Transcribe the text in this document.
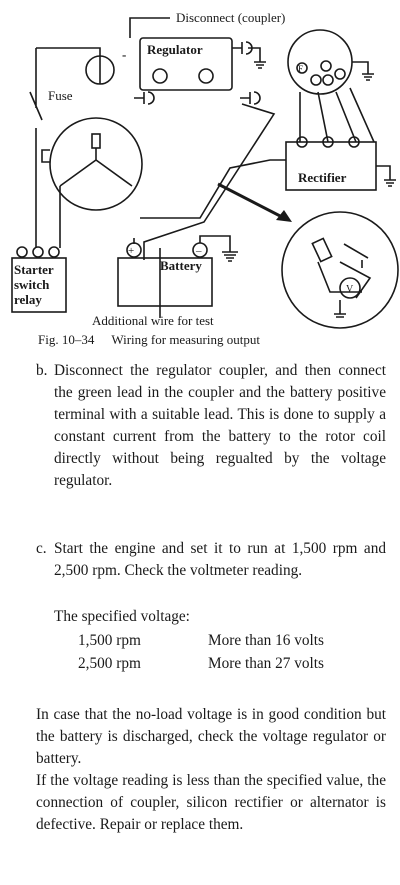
-
Disconnect (coupler)
Regulator
Fuse
Rectifier
Starter
switch
relay
Battery
Additional wire for test
F
+	–
V
Fig. 10–34 Wiring for measuring output
b. Disconnect the regulator coupler, and then connect the green lead in the coupler and the battery positive terminal with a suitable lead. This is done to supply a constant current from the battery to the rotor coil directly without being regualted by the voltage regulator.
c. Start the engine and set it to run at 1,500 rpm and 2,500 rpm. Check the voltmeter reading.
The specified voltage:
1,500 rpm	More than 16 volts
2,500 rpm	More than 27 volts
In case that the no-load voltage is in good condition but the battery is discharged, check the voltage regulator or battery.
If the voltage reading is less than the specified value, the connection of coupler, silicon rectifier or alternator is defective. Repair or replace them.
